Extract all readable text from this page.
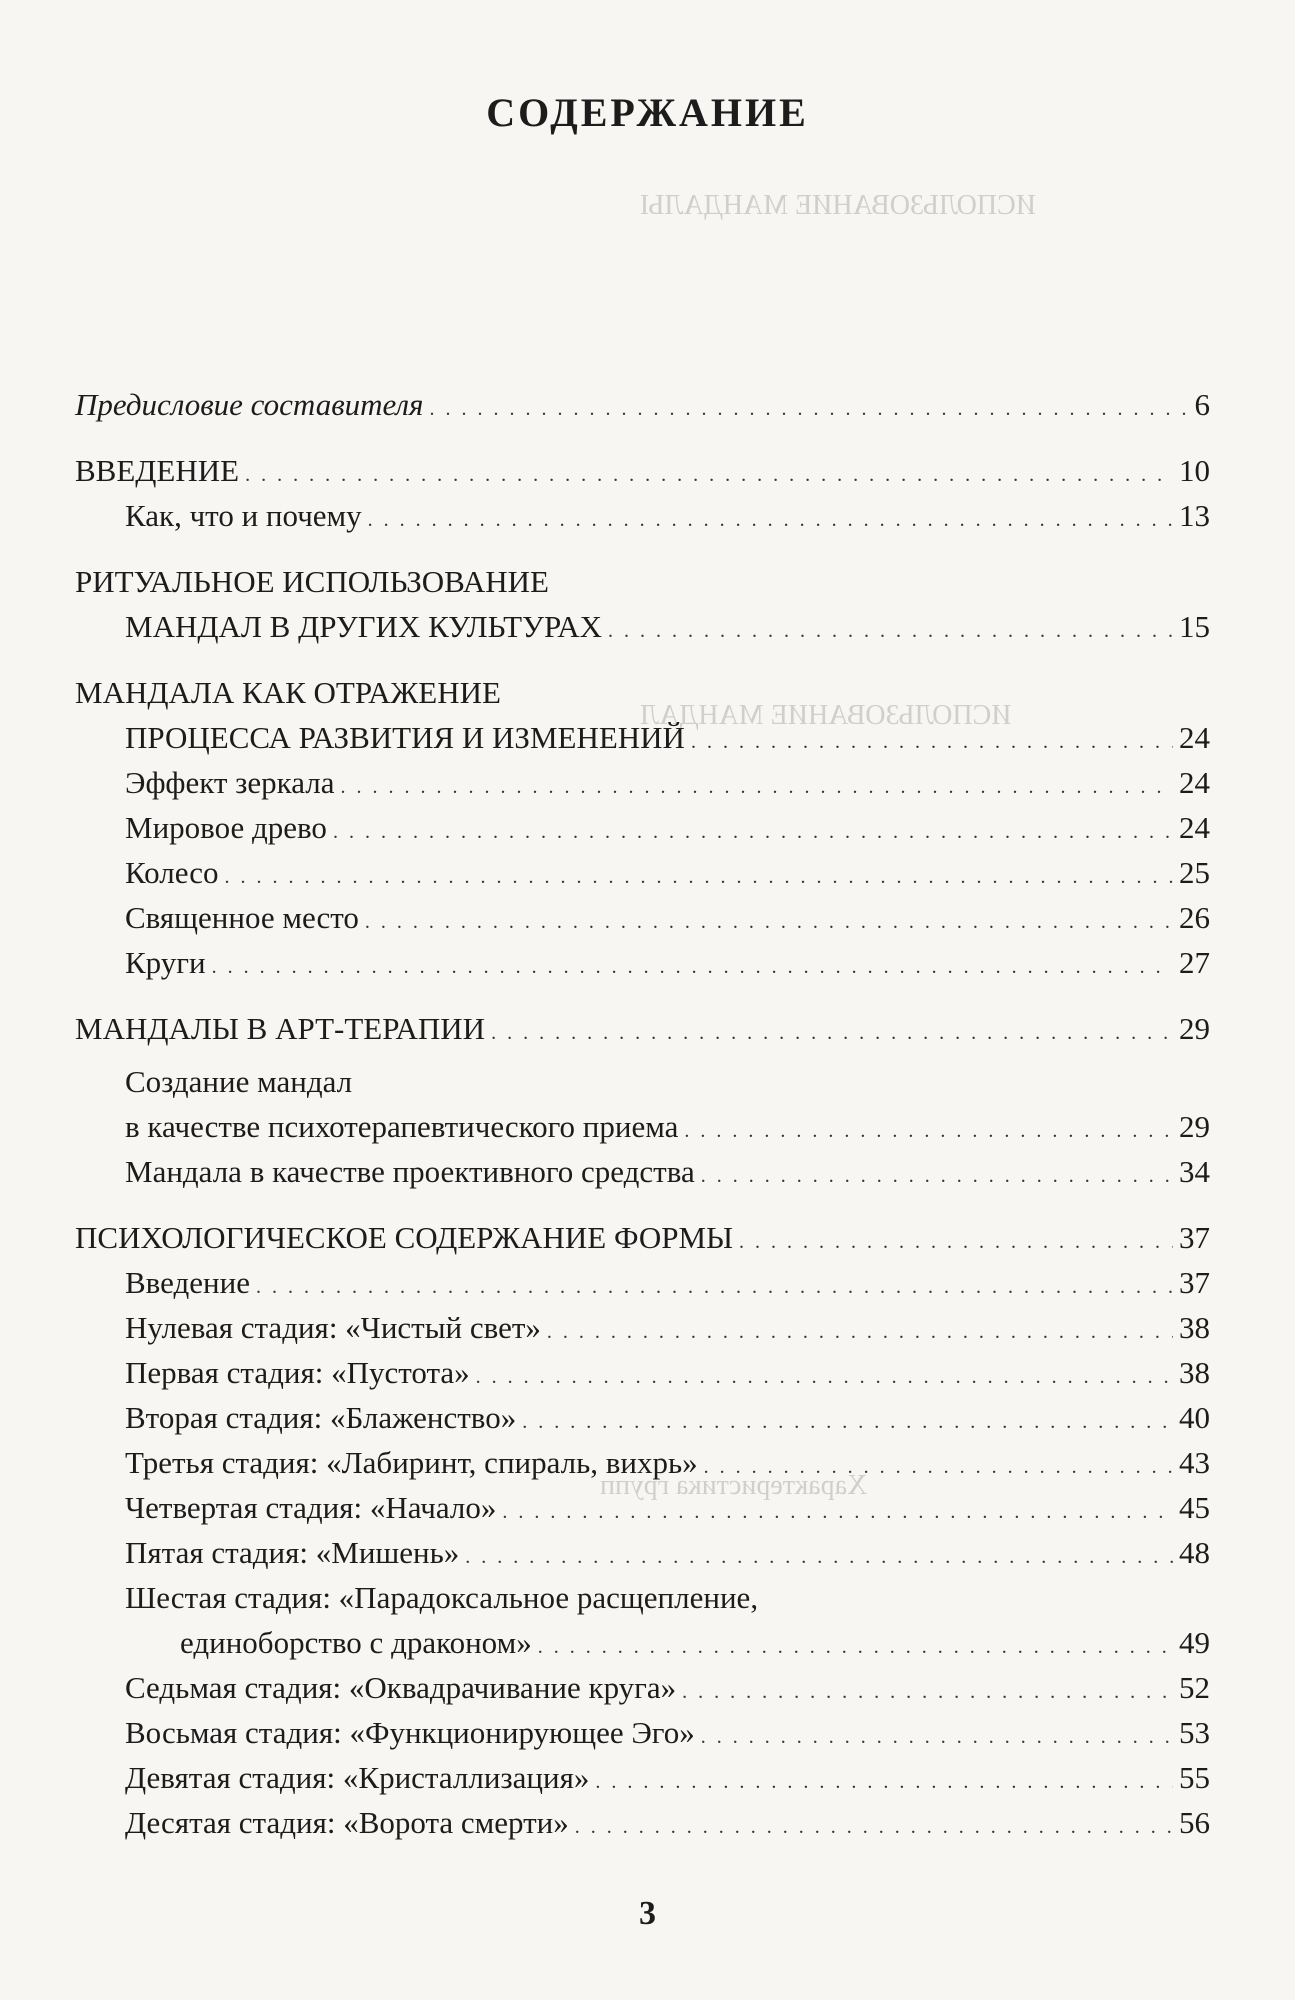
ИСПОЛЬЗОВАНИЕ МАНДАЛЫ
ИСПОЛЬЗОВАНИЕ МАНДАЛ
Характеристика групп
СОДЕРЖАНИЕ
Предисловие составителя . . .	6
ВВЕДЕНИЕ . . .	10
Как, что и почему . . .	13
РИТУАЛЬНОЕ ИСПОЛЬЗОВАНИЕ
МАНДАЛ В ДРУГИХ КУЛЬТУРАХ . . .	15
МАНДАЛА КАК ОТРАЖЕНИЕ
ПРОЦЕССА РАЗВИТИЯ И ИЗМЕНЕНИЙ . . .	24
Эффект зеркала . . .	24
Мировое древо . . .	24
Колесо . . .	25
Священное место . . .	26
Круги . . .	27
МАНДАЛЫ В АРТ-ТЕРАПИИ . . .	29
Создание мандал
в качестве психотерапевтического приема . . .	29
Мандала в качестве проективного средства . . .	34
ПСИХОЛОГИЧЕСКОЕ СОДЕРЖАНИЕ ФОРМЫ . . .	37
Введение . . .	37
Нулевая стадия: «Чистый свет» . . .	38
Первая стадия: «Пустота» . . .	38
Вторая стадия: «Блаженство» . . .	40
Третья стадия: «Лабиринт, спираль, вихрь» . . .	43
Четвертая стадия: «Начало» . . .	45
Пятая стадия: «Мишень» . . .	48
Шестая стадия: «Парадоксальное расщепление,
единоборство с драконом» . . .	49
Седьмая стадия: «Оквадрачивание круга» . . .	52
Восьмая стадия: «Функционирующее Эго» . . .	53
Девятая стадия: «Кристаллизация» . . .	55
Десятая стадия: «Ворота смерти» . . .	56
3
